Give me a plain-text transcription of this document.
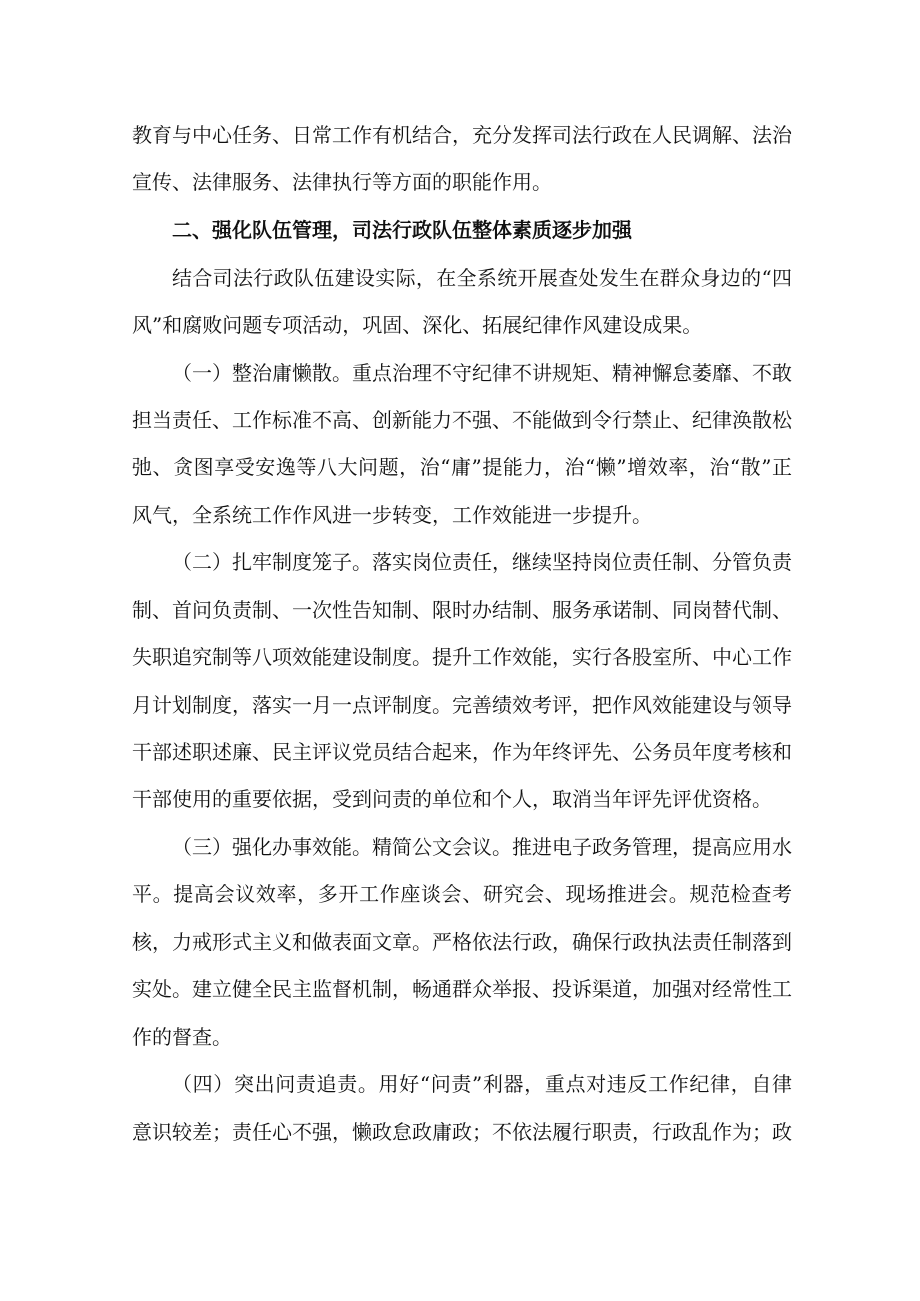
教育与中心任务、日常工作有机结合，充分发挥司法行政在人民调解、法治宣传、法律服务、法律执行等方面的职能作用。

二、强化队伍管理，司法行政队伍整体素质逐步加强

结合司法行政队伍建设实际，在全系统开展查处发生在群众身边的“四风”和腐败问题专项活动，巩固、深化、拓展纪律作风建设成果。

（一）整治庸懒散。重点治理不守纪律不讲规矩、精神懈怠萎靡、不敢担当责任、工作标准不高、创新能力不强、不能做到令行禁止、纪律涣散松弛、贪图享受安逸等八大问题，治“庸”提能力，治“懒”增效率，治“散”正风气，全系统工作作风进一步转变，工作效能进一步提升。

（二）扎牢制度笼子。落实岗位责任，继续坚持岗位责任制、分管负责制、首问负责制、一次性告知制、限时办结制、服务承诺制、同岗替代制、失职追究制等八项效能建设制度。提升工作效能，实行各股室所、中心工作月计划制度，落实一月一点评制度。完善绩效考评，把作风效能建设与领导干部述职述廉、民主评议党员结合起来，作为年终评先、公务员年度考核和干部使用的重要依据，受到问责的单位和个人，取消当年评先评优资格。

（三）强化办事效能。精简公文会议。推进电子政务管理，提高应用水平。提高会议效率，多开工作座谈会、研究会、现场推进会。规范检查考核，力戒形式主义和做表面文章。严格依法行政，确保行政执法责任制落到实处。建立健全民主监督机制，畅通群众举报、投诉渠道，加强对经常性工作的督查。

（四）突出问责追责。用好“问责”利器，重点对违反工作纪律，自律意识较差；责任心不强，懒政怠政庸政；不依法履行职责，行政乱作为；政
